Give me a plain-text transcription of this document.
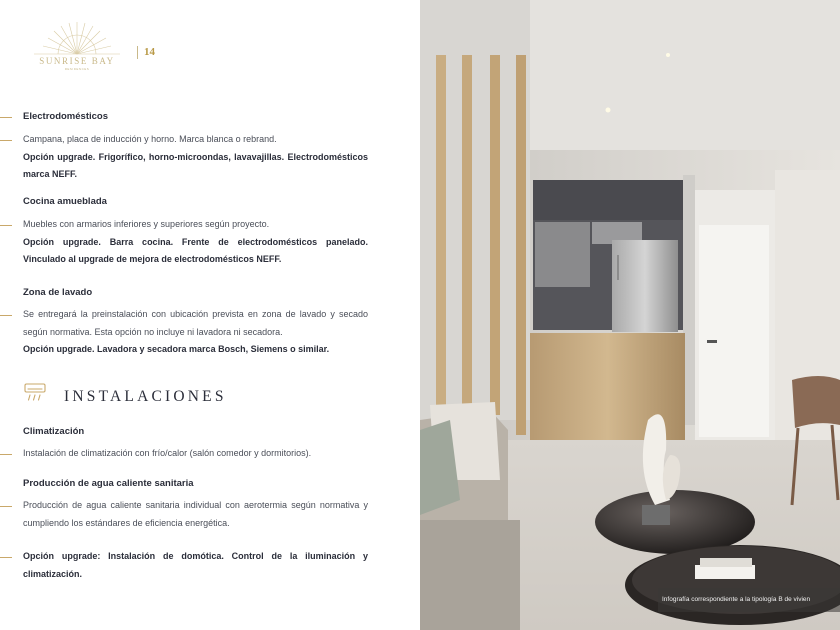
SUNRISE BAY
RESIDENCES
14
Electrodomésticos
Campana, placa de inducción y horno. Marca blanca o rebrand.
Opción upgrade. Frigorífico, horno-microondas, lavavajillas. Electrodomésticos marca NEFF.
Cocina amueblada
Muebles con armarios inferiores y superiores según proyecto.
Opción upgrade. Barra cocina. Frente de electrodomésticos panelado. Vinculado al upgrade de mejora de electrodomésticos NEFF.
Zona de lavado
Se entregará la preinstalación con ubicación prevista en zona de lavado y secado según normativa. Esta opción no incluye ni lavadora ni secadora.
Opción upgrade. Lavadora y secadora marca Bosch, Siemens o similar.
INSTALACIONES
Climatización
Instalación de climatización con frío/calor (salón comedor y dormitorios).
Producción de agua caliente sanitaria
Producción de agua caliente sanitaria individual con aerotermia según normativa y cumpliendo los estándares de eficiencia energética.
Opción upgrade: Instalación de domótica. Control de la iluminación y climatización.
Infografía correspondiente a la tipología B de vivien
